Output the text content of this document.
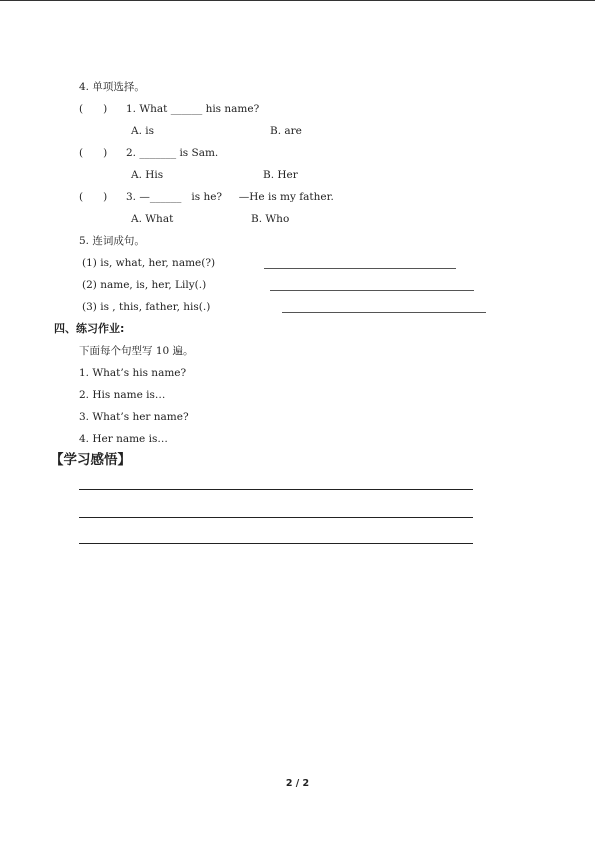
4. 单项选择。
(      ) 1. What ______ his name?
A. is	B. are
(      ) 2. _______ is Sam.
A. His	B. Her
(      ) 3. —______   is he?     —He is my father.
A. What	B. Who
5. 连词成句。
(1) is, what, her, name(?)
(2) name, is, her, Lily(.)
(3) is , this, father, his(.)
四、练习作业:
下面每个句型写 10 遍。
1. What’s his name?
2. His name is…
3. What’s her name?
4. Her name is…
【学习感悟】
2 / 2
